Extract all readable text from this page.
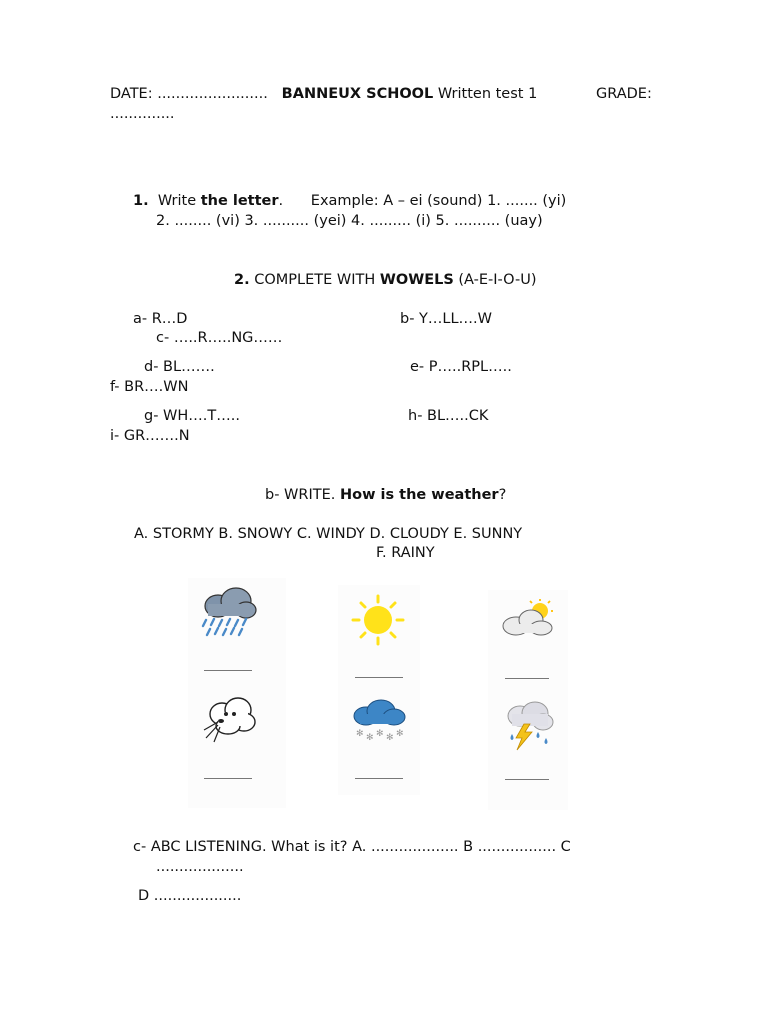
DATE: ........................ BANNEUX SCHOOL Written test 1	GRADE:
..............
1. Write the letter. Example: A – ei (sound) 1. ....... (yi)
2. ........ (vi) 3. .......... (yei) 4. ......... (i) 5. .......... (uay)
2. COMPLETE WITH WOWELS (A-E-I-O-U)
a- R…D	b- Y…LL….W
c- …..R…..NG……
d- BL…….	e- P…..RPL…..
f- BR….WN
g- WH….T…..	h- BL…..CK
i- GR…….N
b- WRITE. How is the weather?
A. STORMY B. SNOWY C. WINDY D. CLOUDY E. SUNNY
F. RAINY
✻ ✻ ✻ ✻ ✻
c- ABC LISTENING. What is it? A. ................... B ................. C
...................
D ...................
